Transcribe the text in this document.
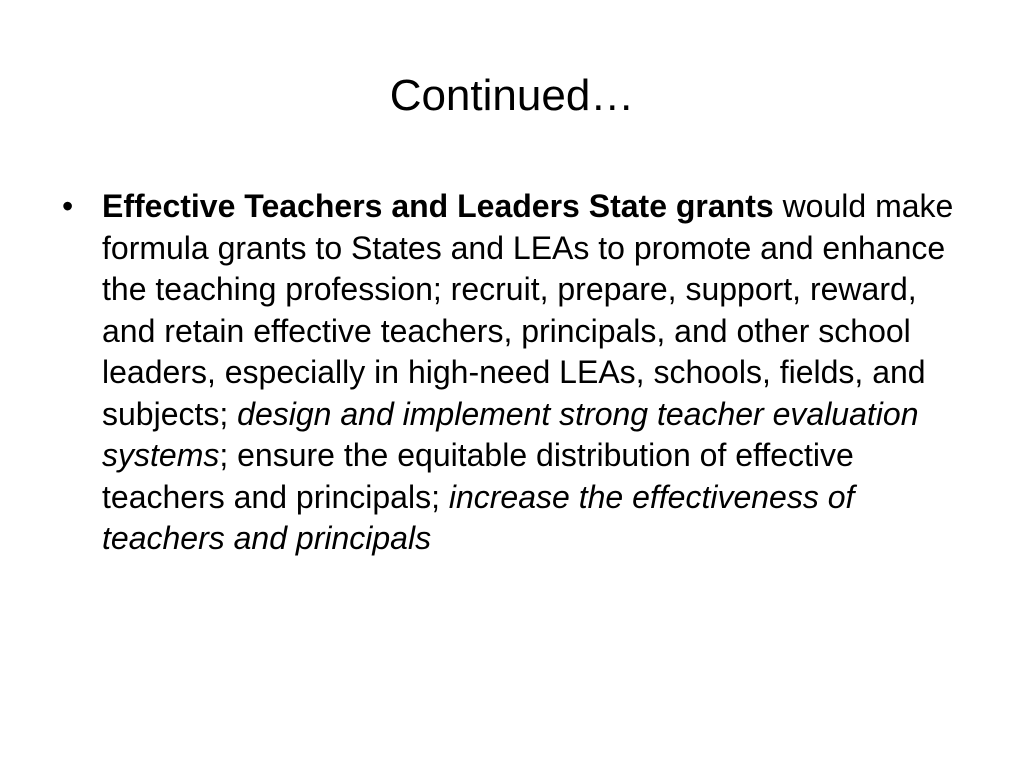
Continued…
• Effective Teachers and Leaders State grants would make formula grants to States and LEAs to promote and enhance the teaching profession; recruit, prepare, support, reward, and retain effective teachers, principals, and other school leaders, especially in high-need LEAs, schools, fields, and subjects; design and implement strong teacher evaluation systems; ensure the equitable distribution of effective teachers and principals; increase the effectiveness of teachers and principals
